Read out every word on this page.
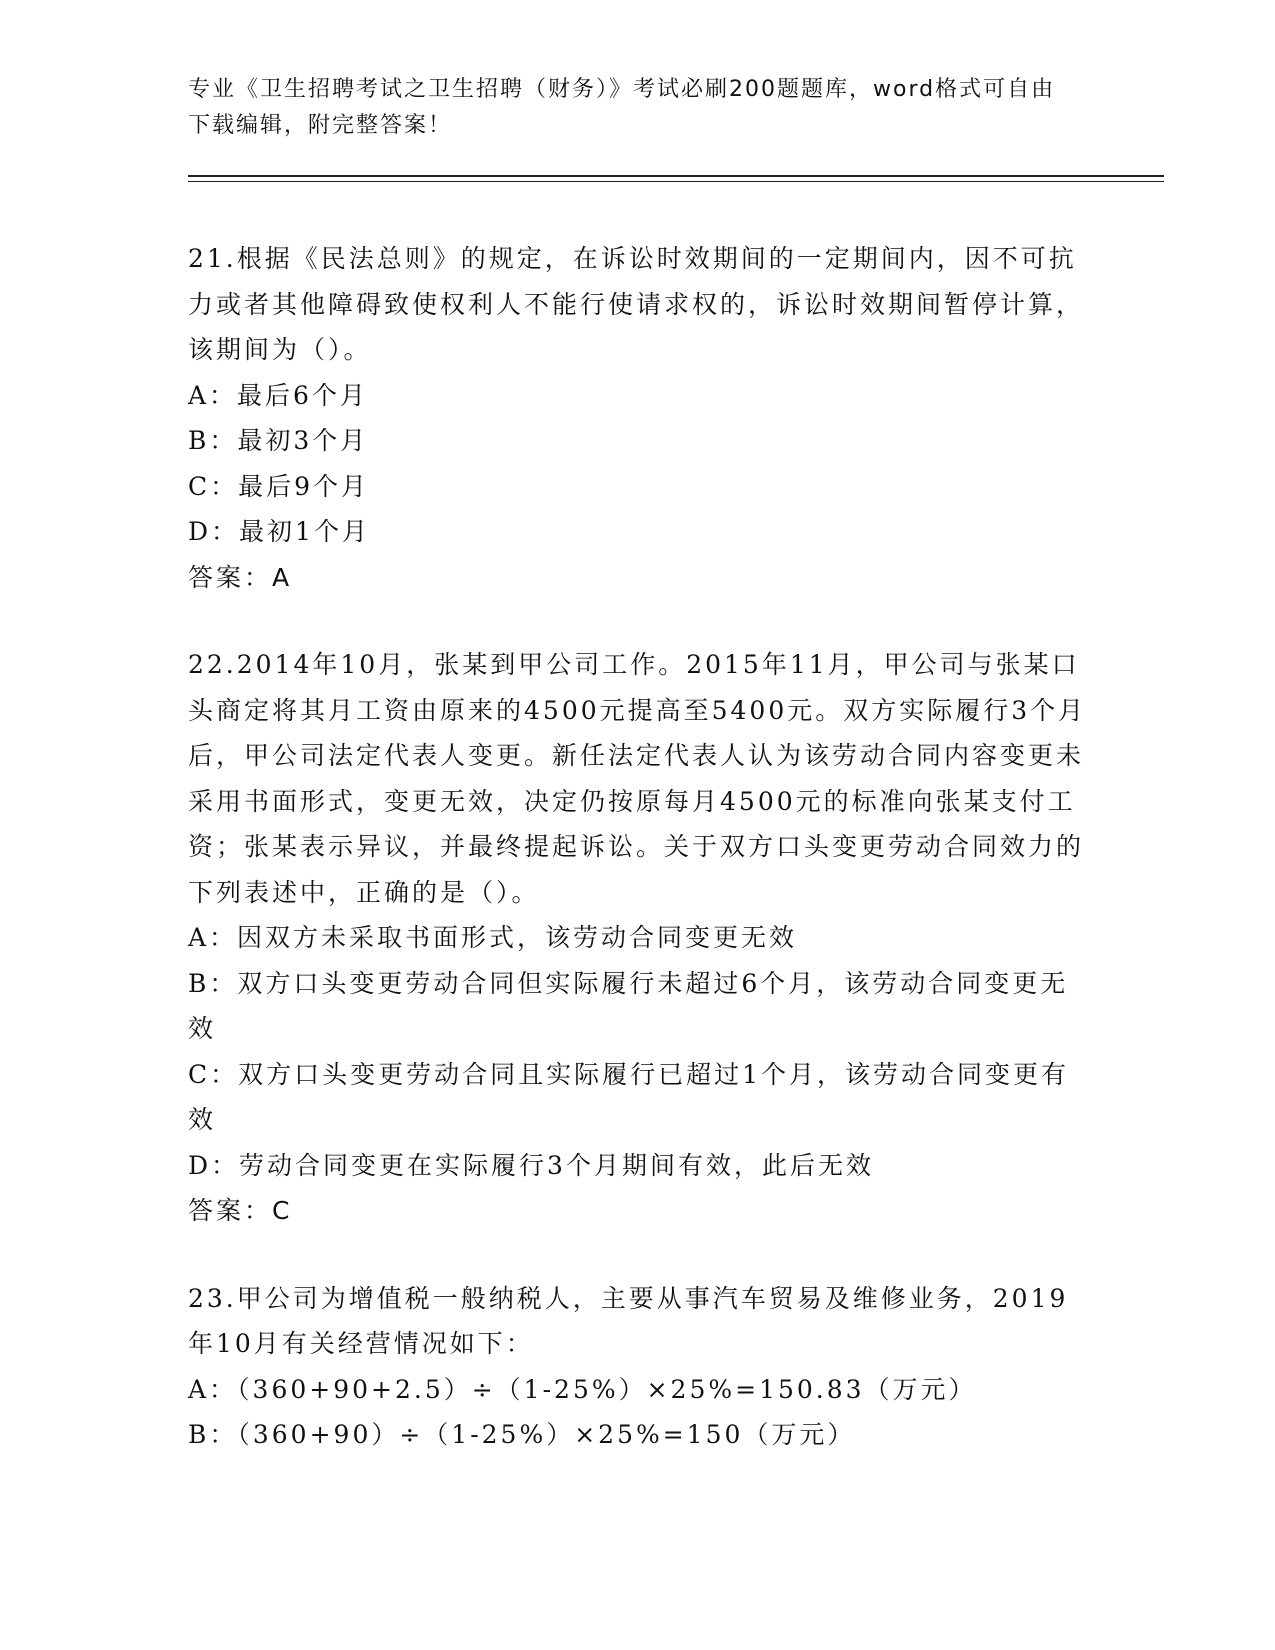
专业《卫生招聘考试之卫生招聘（财务）》考试必刷200题题库，word格式可自由下载编辑，附完整答案！
21.根据《民法总则》的规定，在诉讼时效期间的一定期间内，因不可抗力或者其他障碍致使权利人不能行使请求权的，诉讼时效期间暂停计算，该期间为（）。
A：最后6个月
B：最初3个月
C：最后9个月
D：最初1个月
答案：A
22.2014年10月，张某到甲公司工作。2015年11月，甲公司与张某口头商定将其月工资由原来的4500元提高至5400元。双方实际履行3个月后，甲公司法定代表人变更。新任法定代表人认为该劳动合同内容变更未采用书面形式，变更无效，决定仍按原每月4500元的标准向张某支付工资；张某表示异议，并最终提起诉讼。关于双方口头变更劳动合同效力的下列表述中，正确的是（）。
A：因双方未采取书面形式，该劳动合同变更无效
B：双方口头变更劳动合同但实际履行未超过6个月，该劳动合同变更无效
C：双方口头变更劳动合同且实际履行已超过1个月，该劳动合同变更有效
D：劳动合同变更在实际履行3个月期间有效，此后无效
答案：C
23.甲公司为增值税一般纳税人，主要从事汽车贸易及维修业务，2019年10月有关经营情况如下：
A：（360+90+2.5）÷（1-25%）×25%=150.83（万元）
B：（360+90）÷（1-25%）×25%=150（万元）
